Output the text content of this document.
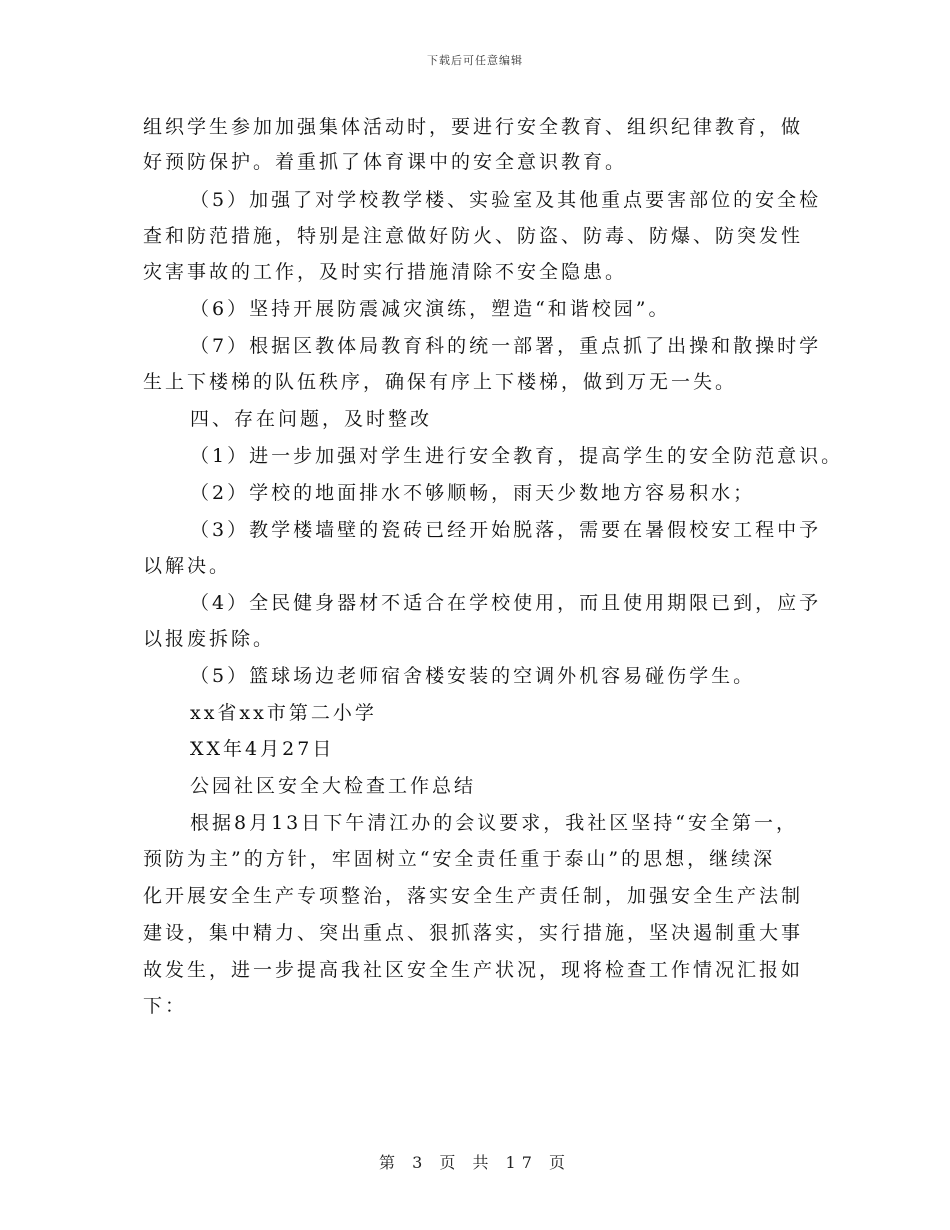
下载后可任意编辑
组织学生参加加强集体活动时，要进行安全教育、组织纪律教育，做
好预防保护。着重抓了体育课中的安全意识教育。
（5）加强了对学校教学楼、实验室及其他重点要害部位的安全检
查和防范措施，特别是注意做好防火、防盗、防毒、防爆、防突发性
灾害事故的工作，及时实行措施清除不安全隐患。
（6）坚持开展防震减灾演练，塑造“和谐校园”。
（7）根据区教体局教育科的统一部署，重点抓了出操和散操时学
生上下楼梯的队伍秩序，确保有序上下楼梯，做到万无一失。
四、存在问题，及时整改
（1）进一步加强对学生进行安全教育，提高学生的安全防范意识。
（2）学校的地面排水不够顺畅，雨天少数地方容易积水；
（3）教学楼墙壁的瓷砖已经开始脱落，需要在暑假校安工程中予
以解决。
（4）全民健身器材不适合在学校使用，而且使用期限已到，应予
以报废拆除。
（5）篮球场边老师宿舍楼安装的空调外机容易碰伤学生。
xx省xx市第二小学
XX年4月27日
公园社区安全大检查工作总结
根据8月13日下午清江办的会议要求，我社区坚持“安全第一，
预防为主”的方针，牢固树立“安全责任重于泰山”的思想，继续深
化开展安全生产专项整治，落实安全生产责任制，加强安全生产法制
建设，集中精力、突出重点、狠抓落实，实行措施，坚决遏制重大事
故发生，进一步提高我社区安全生产状况，现将检查工作情况汇报如
下：
第 3 页 共 17 页
